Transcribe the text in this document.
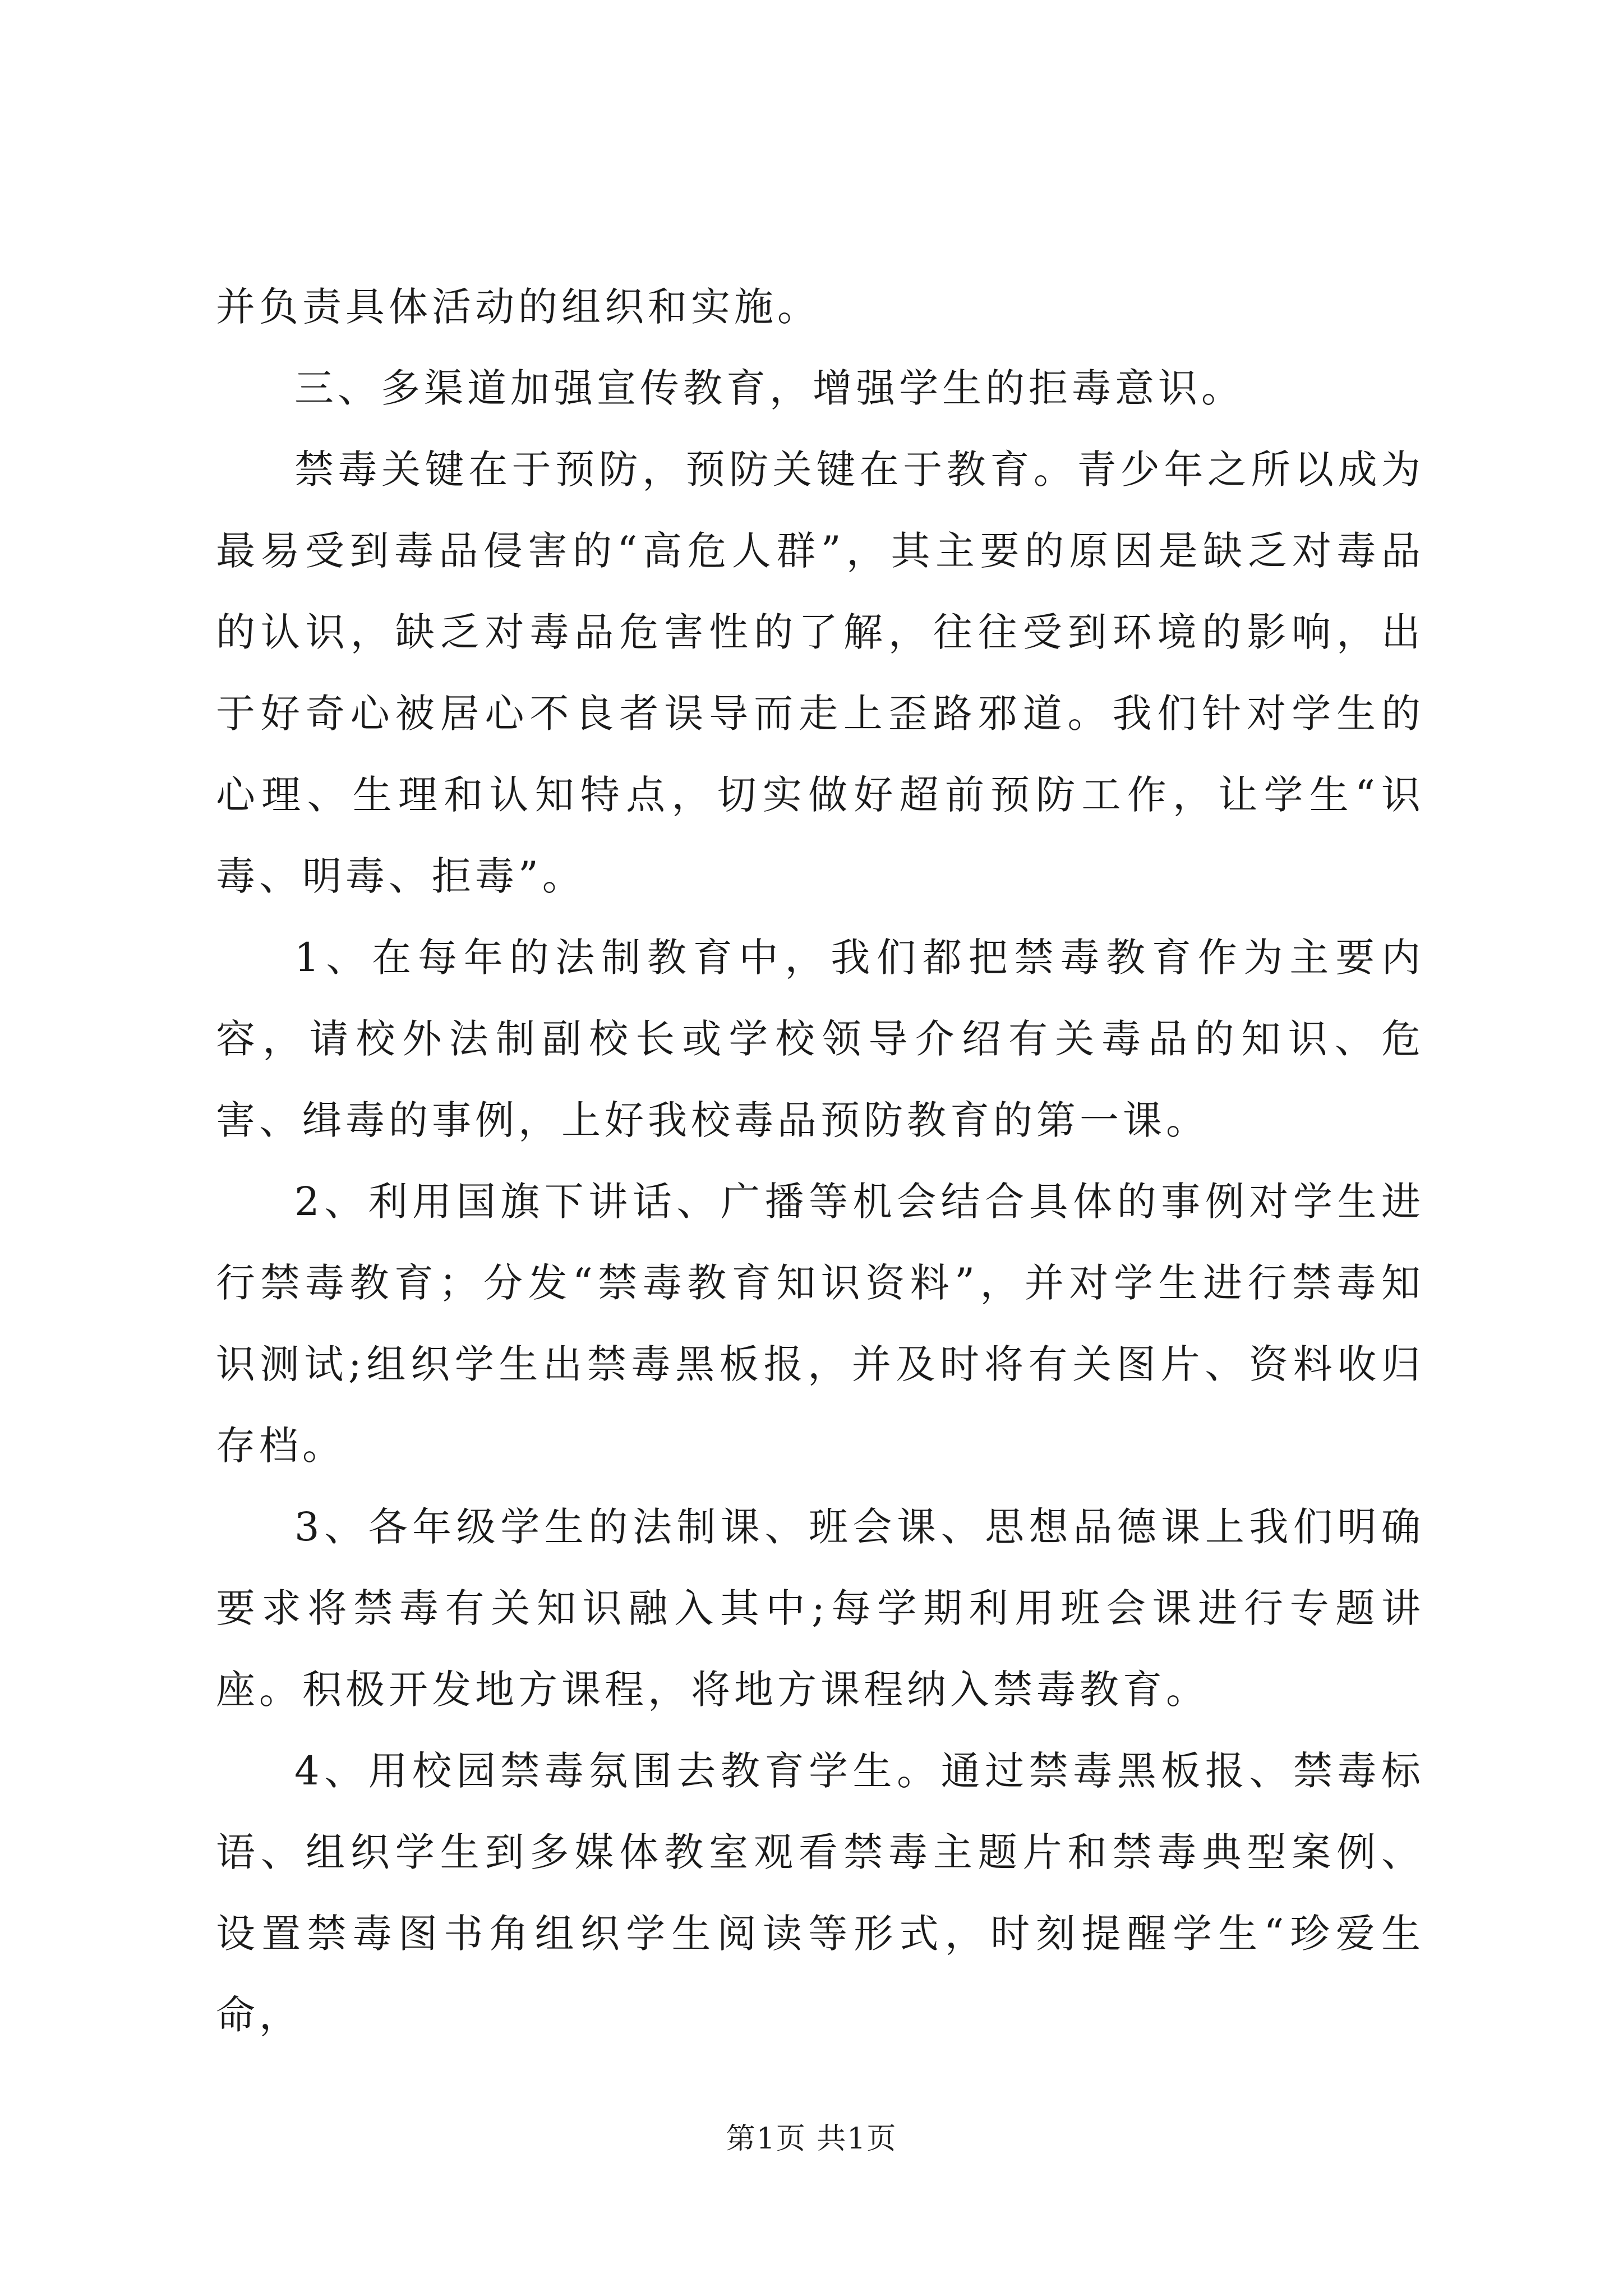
并负责具体活动的组织和实施。

三、多渠道加强宣传教育，增强学生的拒毒意识。

禁毒关键在于预防，预防关键在于教育。青少年之所以成为最易受到毒品侵害的“高危人群”，其主要的原因是缺乏对毒品的认识，缺乏对毒品危害性的了解，往往受到环境的影响，出于好奇心被居心不良者误导而走上歪路邪道。我们针对学生的心理、生理和认知特点，切实做好超前预防工作，让学生“识毒、明毒、拒毒”。

1、在每年的法制教育中，我们都把禁毒教育作为主要内容，请校外法制副校长或学校领导介绍有关毒品的知识、危害、缉毒的事例，上好我校毒品预防教育的第一课。

2、利用国旗下讲话、广播等机会结合具体的事例对学生进行禁毒教育；分发“禁毒教育知识资料”，并对学生进行禁毒知识测试;组织学生出禁毒黑板报，并及时将有关图片、资料收归存档。

3、各年级学生的法制课、班会课、思想品德课上我们明确要求将禁毒有关知识融入其中;每学期利用班会课进行专题讲座。积极开发地方课程，将地方课程纳入禁毒教育。

4、用校园禁毒氛围去教育学生。通过禁毒黑板报、禁毒标语、组织学生到多媒体教室观看禁毒主题片和禁毒典型案例、设置禁毒图书角组织学生阅读等形式，时刻提醒学生“珍爱生命，

第1页 共1页
